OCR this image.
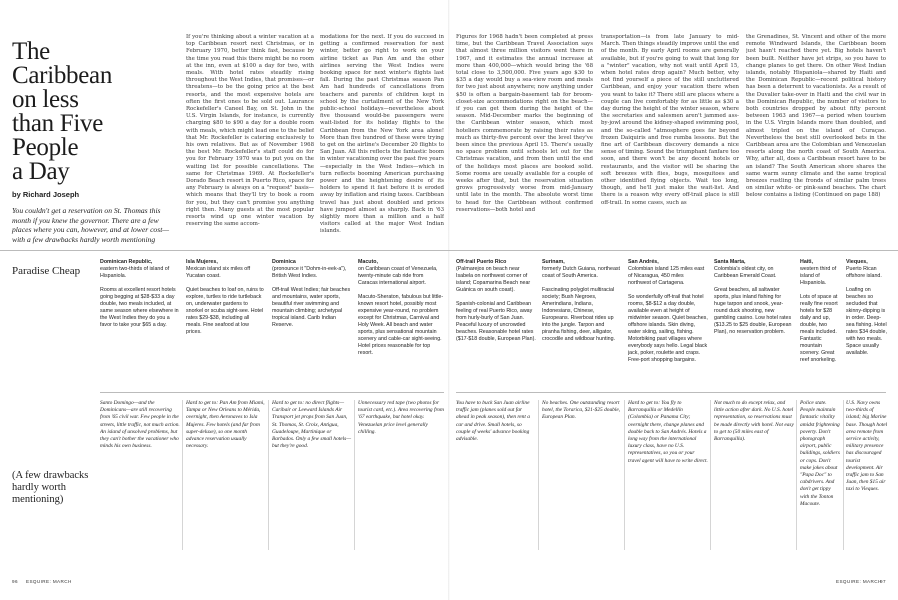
The
Caribbean
on less
than Five
People
a Day
by Richard Joseph
You couldn't get a reservation on St. Thomas this month if you knew the governor. There are a few places where you can, however, and at lower cost—with a few drawbacks hardly worth mentioning
If you're thinking about a winter vacation at a top Caribbean resort next Christmas, or in February 1970, better think fast, because by the time you read this there might be no room at the inn, even at $100 a day for two, with meals. With hotel rates steadily rising throughout the West Indies, that promises—or threatens—to be the going price at the best resorts, and the most expensive hotels are often the first ones to be sold out. Laurance Rockefeller's Caneel Bay, on St. John in the U.S. Virgin Islands, for instance, is currently charging $80 to $90 a day for a double room with meals, which might lead one to the belief that Mr. Rockefeller is catering exclusively to his own relatives. But as of November 1968 the best Mr. Rockefeller's staff could do for you for February 1970 was to put you on the waiting list for possible cancellations. The same for Christmas 1969. At Rockefeller's Dorado Beach resort in Puerto Rico, space for any February is always on a "request" basis—which means that they'll try to book a room for you, but they can't promise you anything right then. Many guests at the most popular resorts wind up one winter vacation by reserving the same accom-
modations for the next. If you do succeed in getting a confirmed reservation for next winter, better go right to work on your airline ticket as Pan Am and the other airlines serving the West Indies were booking space for next winter's flights last fall. During the past Christmas season Pan Am had hundreds of cancellations from teachers and parents of children kept in school by the curtailment of the New York public-school holidays—nevertheless about five thousand would-be passengers were wait-listed for its holiday flights to the Caribbean from the New York area alone! More than five hundred of these were trying to get on the airline's December 20 flights to San Juan. All this reflects the fantastic boom in winter vacationing over the past five years—especially in the West Indies—which in turn reflects booming American purchasing power and the heightening desire of its holders to spend it fast before it is eroded away by inflation and rising taxes. Caribbean travel has just about doubled and prices have jumped almost as sharply. Back in '63 slightly more than a million and a half visitors called at the major West Indian islands.
Figures for 1968 hadn't been completed at press time, but the Caribbean Travel Association says that almost three million visitors went there in 1967, and it estimates the annual increase at more than 400,000—which would bring the '68 total close to 3,500,000. Five years ago $30 to $35 a day would buy a sea-view room and meals for two just about anywhere; now anything under $50 is often a bargain-basement tab for broom-closet-size accommodations right on the beach—if you can get them during the height of the season. Mid-December marks the beginning of the Caribbean winter season, which most hoteliers commemorate by raising their rates as much as thirty-five percent over the level they've been since the previous April 15. There's usually no space problem until schools let out for the Christmas vacation, and from then until the end of the holidays most places are booked solid. Some rooms are usually available for a couple of weeks after that, but the reservation situation grows progressively worse from mid-January until late in the month. The absolute worst time to head for the Caribbean without confirmed reservations—both hotel and
transportation—is from late January to mid-March. Then things steadily improve until the end of the month. By early April rooms are generally available, but if you're going to wait that long for a "winter" vacation, why not wait until April 15, when hotel rates drop again? Much better, why not find yourself a piece of the still uncluttered Caribbean, and enjoy your vacation there when you want to take it? There still are places where a couple can live comfortably for as little as $30 a day during the height of the winter season, where the secretaries and salesmen aren't jammed ass-by-jowl around the kidney-shaped swimming pool, and the so-called "atmosphere goes far beyond frozen Daiquiris and free rumba lessons. But the fine art of Caribbean discovery demands a nice sense of timing. Sound the triumphant fanfare too soon, and there won't be any decent hotels or restaurants, and the visitor will be sharing the soft breezes with flies, bugs, mosquitoes and other identified flying objects. Wait too long, though, and he'll just make the wait-list. And there is a reason why every off-trail place is still off-trail. In some cases, such as
the Grenadines, St. Vincent and other of the more remote Windward Islands, the Caribbean boom just hasn't reached there yet. Big hotels haven't been built. Neither have jet strips, so you have to change planes to get there. On other West Indian islands, notably Hispaniola—shared by Haiti and the Dominican Republic—recent political history has been a deterrent to vacationists. As a result of the Duvalier take-over in Haiti and the civil war in the Dominican Republic, the number of visitors to both countries dropped by about fifty percent between 1963 and 1967—a period when tourism in the U.S. Virgin Islands more than doubled, and almost tripled on the island of Curaçao. Nevertheless the best still overlooked bets in the Caribbean area are the Colombian and Venezuelan resorts along the north coast of South America. Why, after all, does a Caribbean resort have to be an island? The South American shore shares the same warm sunny climate and the same tropical breezes rustling the fronds of similar palm trees on similar white- or pink-sand beaches. The chart below contains a listing (Continued on page 188)
Paradise Cheap
(A few drawbacks hardly worth mentioning)
Dominican Republic,
eastern two-thirds of island of Hispaniola.
Rooms at excellent resort hotels going begging at $28-$33 a day double, two meals included, at same season where elsewhere in the West Indies they do you a favor to take your $65 a day.
Isla Mujeres,
Mexican island six miles off Yucatan coast.
Quiet beaches to loaf on, ruins to explore, turtles to ride turtleback on, underwater gardens to snorkel or scuba sight-see. Hotel rates $29-$38, including all meals. Fine seafood at low prices.
Dominica
(pronounce it "Dohm-in-eek-a"), British West Indies.
Off-trail West Indies; fair beaches and mountains, water sports, beautiful river swimming and mountain climbing; archetypal tropical island. Carib Indian Reserve.
Macuto,
on Caribbean coast of Venezuela, twenty-minute cab ride from Caracas international airport.
Macuto-Sheraton, fabulous but little-known resort hotel, possibly most expensive year-round, no problem except for Christmas, Carnival and Holy Week. All beach and water sports, plus sensational mountain scenery and cable-car sight-seeing. Hotel prices reasonable for top resort.
Off-trail Puerto Rico
(Palmarejos on beach near Isabela on northwest corner of island; Copamarina Beach near Guánica on south coast).
Spanish-colonial and Caribbean feeling of real Puerto Rico, away from hurly-burly of San Juan. Peaceful luxury of uncrowded beaches. Reasonable hotel rates ($17-$18 double, European Plan).
Surinam,
formerly Dutch Guiana, northeast coast of South America.
Fascinating polyglot multiracial society; Bush Negroes, Amerindians, Indians, Indonesians, Chinese, Europeans. Riverboat rides up into the jungle. Tarpon and piranha fishing, deer, alligator, crocodile and wildboar hunting.
San Andrés,
Colombian island 125 miles east of Nicaragua, 450 miles northwest of Cartagena.
So wonderfully off-trail that hotel rooms, $8-$12 a day double, available even at height of midwinter season. Quiet beaches, offshore islands. Skin diving, water skiing, sailing, fishing. Motorbiking past villages where everybody says hello. Legal black jack, poker, roulette and craps. Free-port shopping bargains.
Santa Marta,
Colombia's oldest city, on Caribbean Emerald Coast.
Great beaches, all saltwater sports, plus inland fishing for huge tarpon and snook, year-round duck shooting, new gambling casino. Low hotel rates ($13.25 to $25 double, European Plan), no reservation problem.
Haiti,
western third of island of Hispaniola.
Lots of space at really fine resort hotels for $28 daily and up, double, two meals included. Fantastic mountain scenery. Great reef snorkeling.
Santo Domingo—and the Dominicans—are still recovering from '65 civil war. Few people in the streets, little traffic, not much action. An island of unsolved problems, but they can't bother the vacationer who minds his own business.
Hard to get to: Pan Am from Miami, Tampa or New Orleans to Mérida, overnight, then Aeronaves to Isla Mujeres. Few hotels (and far from super-deluxe), so one month advance reservation usually necessary.
Hard to get to: no direct flights—Caribair or Leeward Islands Air Transport jet props from San Juan, St. Thomas, St. Croix, Antigua, Guadeloupe, Martinique or Barbados. Only a few small hotels—but they're good.
Unnecessary red tape (two photos for tourist card, etc.). Area recovering from '67 earthquake, but hotel okay. Venezuelan price level generally chilling.
You have to buck San Juan airline traffic jam (planes sold out far ahead in peak season), then rent a car and drive. Small hotels, so couple of weeks' advance booking advisable.
No beaches. One outstanding resort hotel, the Torarica, $21-$25 double, European Plan.
Hard to get to: You fly to Barranquilla or Medellín (Colombia) or Panama City; overnight there, change planes and double back to San Andrés. Hotels a long way from the international luxury class, have no U.S. representatives, so you or your travel agent will have to write direct.
Not much to do except relax, and little action after dark. No U.S. hotel representation, so reservations must be made directly with hotel. Not easy to get to (50 miles east of Barranquilla).
Police state. People maintain fantastic vitality amidst frightening poverty. Don't photograph airport, public buildings, soldiers or cops. Don't make jokes about "Papa Doc" to cabdrivers. And don't get tippy with the Tonton Macoute.
96 ESQUIRE: MARCH	ESQUIRE: MARCH
97
Vieques,
Puerto Rican offshore island.
Loafing on beaches so secluded that skinny-dipping is in order. Deep-sea fishing. Hotel rates $34 double, with two meals. Space usually available.
U.S. Navy owns two-thirds of island; big Marine base. Though hotel area remote from service activity, military presence has discouraged tourist development. Air traffic jam to San Juan, then $15 air taxi to Vieques.
